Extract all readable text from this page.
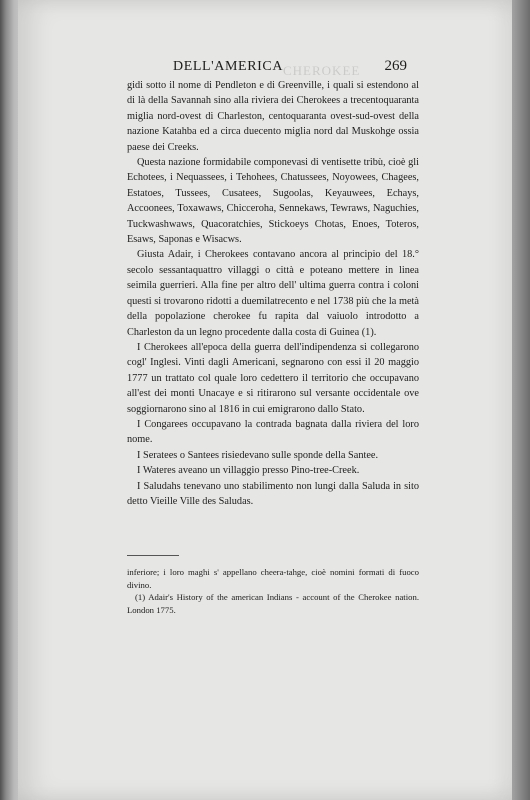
DELL'AMERICA	269
CHEROKEE

gidi sotto il nome di Pendleton e di Greenville, i quali si estendono al di là della Savannah sino alla riviera dei Cherokees a trecentoquaranta miglia nord-ovest di Charleston, centoquaranta ovest-sud-ovest della nazione Katahba ed a circa duecento miglia nord dal Muskohge ossia paese dei Creeks.

Questa nazione formidabile componevasi di ventisette tribù, cioè gli Echotees, i Nequassees, i Tehohees, Chatussees, Noyowees, Chagees, Estatoes, Tussees, Cusatees, Sugoolas, Keyauwees, Echays, Accoonees, Toxawaws, Chicceroha, Sennekaws, Tewraws, Naguchies, Tuckwashwaws, Quacoratchies, Stickoeys Chotas, Enoes, Toteros, Esaws, Saponas e Wisacws.

Giusta Adair, i Cherokees contavano ancora al principio del 18.° secolo sessantaquattro villaggi o città e poteano mettere in linea seimila guerrieri. Alla fine per altro dell' ultima guerra contra i coloni questi si trovarono ridotti a duemilatrecento e nel 1738 più che la metà della popolazione cherokee fu rapita dal vaiuolo introdotto a Charleston da un legno procedente dalla costa di Guinea (1).

I Cherokees all'epoca della guerra dell'indipendenza si collegarono cogl' Inglesi. Vinti dagli Americani, segnarono con essi il 20 maggio 1777 un trattato col quale loro cedettero il territorio che occupavano all'est dei monti Unacaye e si ritirarono sul versante occidentale ove soggiornarono sino al 1816 in cui emigrarono dallo Stato.

I Congarees occupavano la contrada bagnata dalla riviera del loro nome.

I Seratees o Santees risiedevano sulle sponde della Santee.

I Wateres aveano un villaggio presso Pino-tree-Creek.

I Saludahs tenevano uno stabilimento non lungi dalla Saluda in sito detto Vieille Ville des Saludas.

inferiore; i loro maghi s' appellano cheera-tahge, cioè nomini formati di fuoco divino.

(1) Adair's History of the american Indians - account of the Cherokee nation. London 1775.
